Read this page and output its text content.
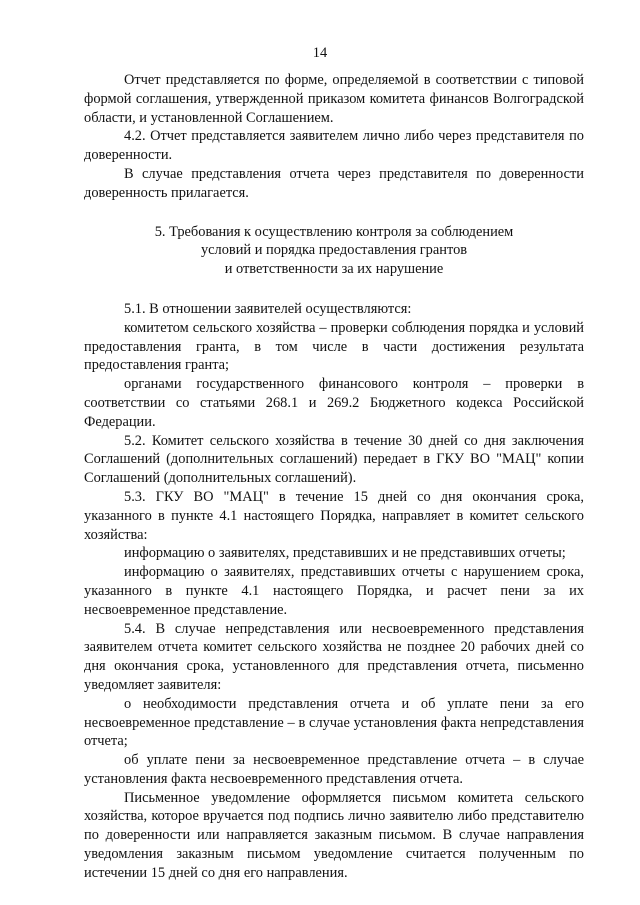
14

Отчет представляется по форме, определяемой в соответствии с типовой формой соглашения, утвержденной приказом комитета финансов Волгоградской области, и установленной Соглашением.

4.2. Отчет представляется заявителем лично либо через представителя по доверенности.

В случае представления отчета через представителя по доверенности доверенность прилагается.

5. Требования к осуществлению контроля за соблюдением
условий и порядка предоставления грантов
и ответственности за их нарушение

5.1. В отношении заявителей осуществляются:

комитетом сельского хозяйства – проверки соблюдения порядка и условий предоставления гранта, в том числе в части достижения результата предоставления гранта;

органами государственного финансового контроля – проверки в соответствии со статьями 268.1 и 269.2 Бюджетного кодекса Российской Федерации.

5.2. Комитет сельского хозяйства в течение 30 дней со дня заключения Соглашений (дополнительных соглашений) передает в ГКУ ВО "МАЦ" копии Соглашений (дополнительных соглашений).

5.3. ГКУ ВО "МАЦ" в течение 15 дней со дня окончания срока, указанного в пункте 4.1 настоящего Порядка, направляет в комитет сельского хозяйства:

информацию о заявителях, представивших и не представивших отчеты;

информацию о заявителях, представивших отчеты с нарушением срока, указанного в пункте 4.1 настоящего Порядка, и расчет пени за их несвоевременное представление.

5.4. В случае непредставления или несвоевременного представления заявителем отчета комитет сельского хозяйства не позднее 20 рабочих дней со дня окончания срока, установленного для представления отчета, письменно уведомляет заявителя:

о необходимости представления отчета и об уплате пени за его несвоевременное представление – в случае установления факта непредставления отчета;

об уплате пени за несвоевременное представление отчета – в случае установления факта несвоевременного представления отчета.

Письменное уведомление оформляется письмом комитета сельского хозяйства, которое вручается под подпись лично заявителю либо представителю по доверенности или направляется заказным письмом. В случае направления уведомления заказным письмом уведомление считается полученным по истечении 15 дней со дня его направления.
